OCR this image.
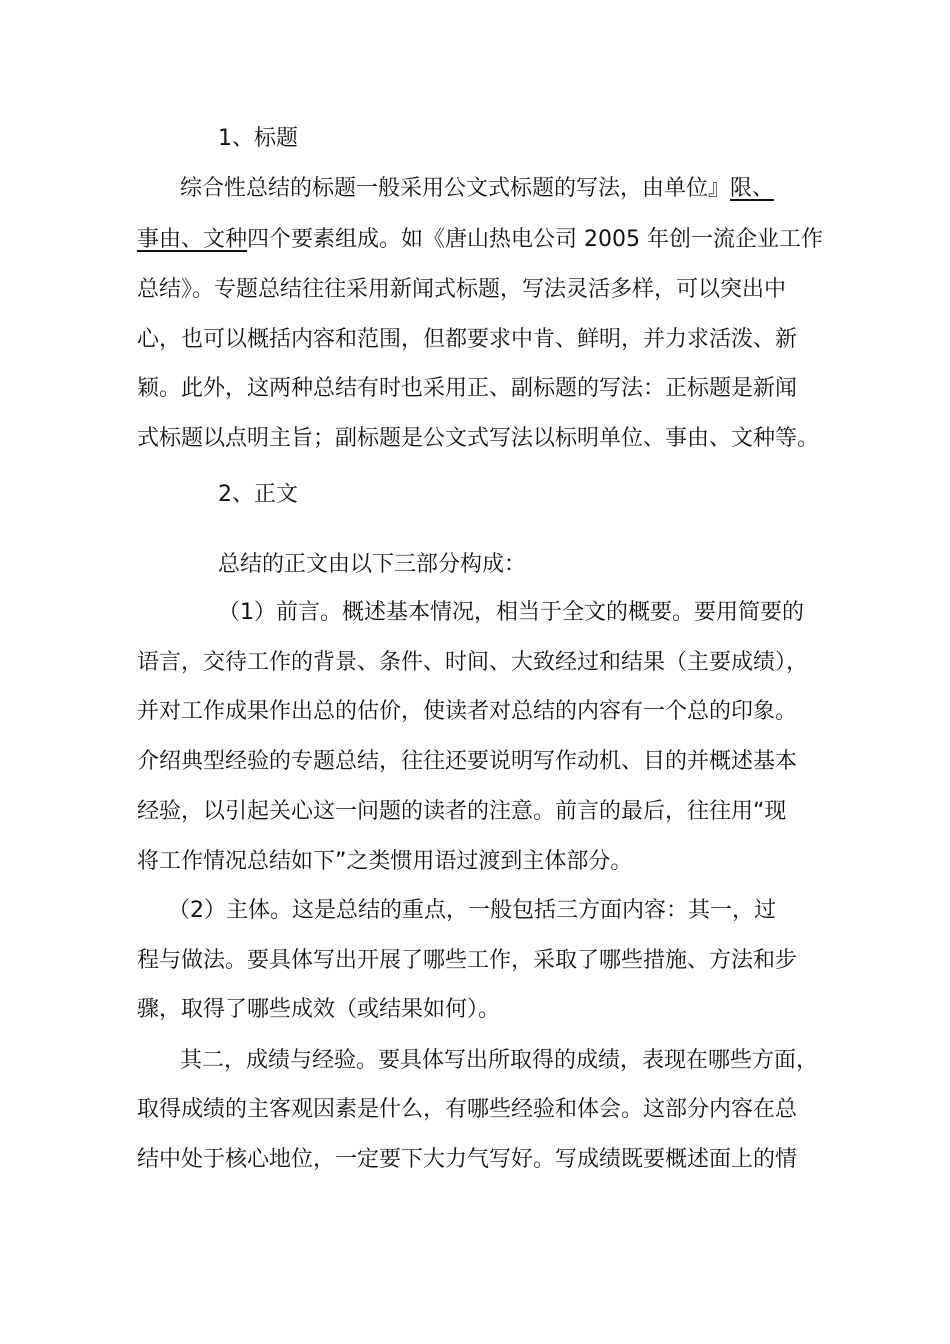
1、标题
综合性总结的标题一般采用公文式标题的写法，由单位』限、
事由、文种四个要素组成。如《唐山热电公司 2005 年创一流企业工作
总结》。专题总结往往采用新闻式标题，写法灵活多样，可以突出中
心，也可以概括内容和范围，但都要求中肯、鲜明，并力求活泼、新
颖。此外，这两种总结有时也采用正、副标题的写法：正标题是新闻
式标题以点明主旨；副标题是公文式写法以标明单位、事由、文种等。
2、正文
总结的正文由以下三部分构成：
（1）前言。概述基本情况，相当于全文的概要。要用简要的
语言，交待工作的背景、条件、时间、大致经过和结果（主要成绩），
并对工作成果作出总的估价，使读者对总结的内容有一个总的印象。
介绍典型经验的专题总结，往往还要说明写作动机、目的并概述基本
经验，以引起关心这一问题的读者的注意。前言的最后，往往用“现
将工作情况总结如下”之类惯用语过渡到主体部分。
（2）主体。这是总结的重点，一般包括三方面内容：其一，过
程与做法。要具体写出开展了哪些工作，采取了哪些措施、方法和步
骤，取得了哪些成效（或结果如何）。
其二，成绩与经验。要具体写出所取得的成绩，表现在哪些方面，
取得成绩的主客观因素是什么，有哪些经验和体会。这部分内容在总
结中处于核心地位，一定要下大力气写好。写成绩既要概述面上的情
